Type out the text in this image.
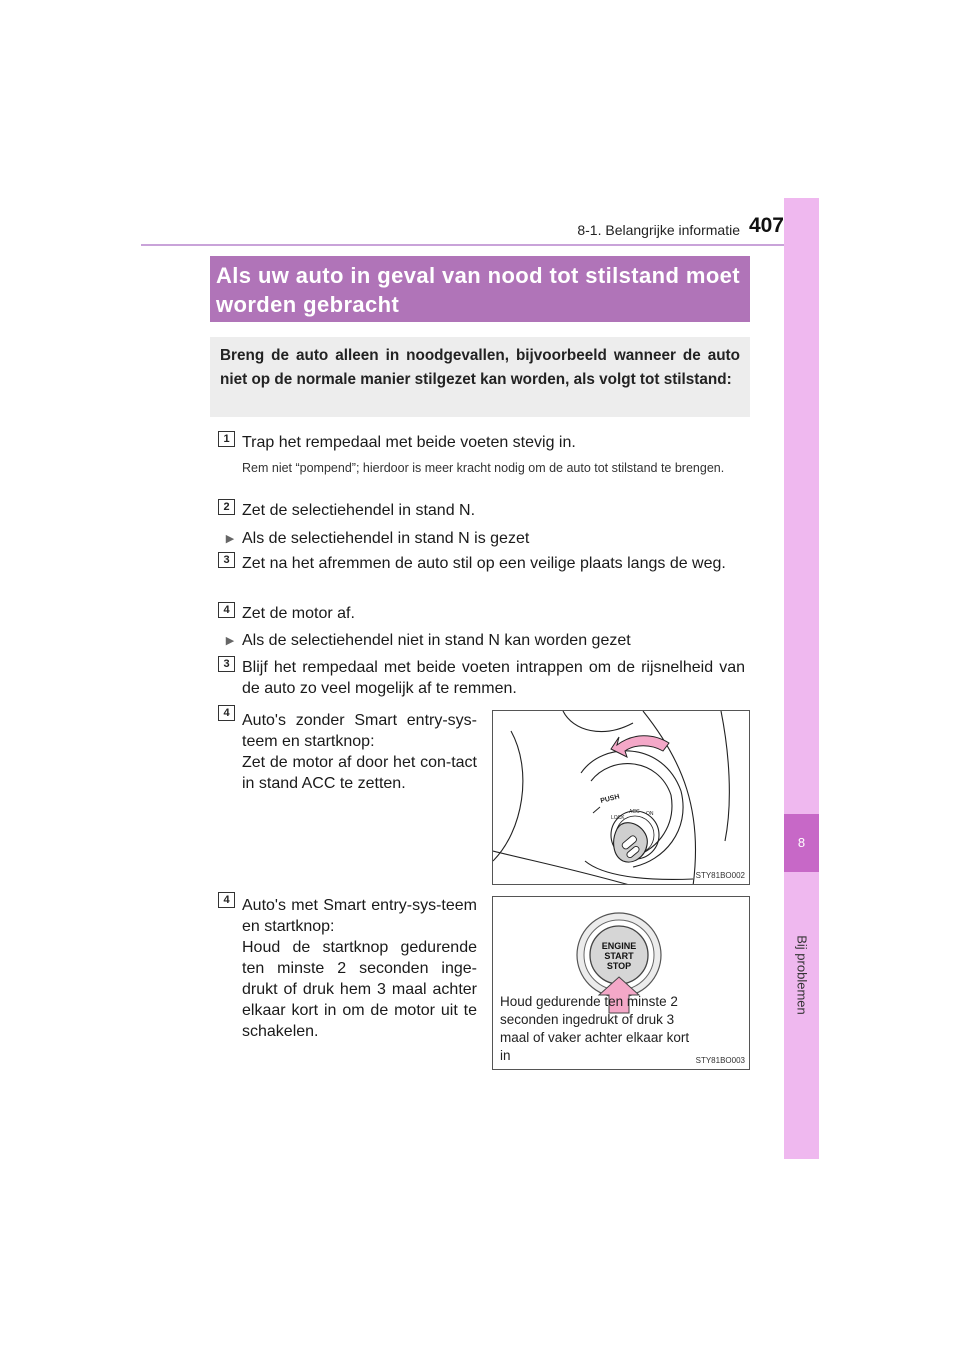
8-1. Belangrijke informatie 407
8
Bij problemen
Als uw auto in geval van nood tot stilstand moet worden gebracht

Breng de auto alleen in noodgevallen, bijvoorbeeld wanneer de auto niet op de normale manier stilgezet kan worden, als volgt tot stilstand:

1 Trap het rempedaal met beide voeten stevig in.
Rem niet “pompend”; hierdoor is meer kracht nodig om de auto tot stilstand te brengen.
2 Zet de selectiehendel in stand N.
▶ Als de selectiehendel in stand N is gezet
3 Zet na het afremmen de auto stil op een veilige plaats langs de weg.
4 Zet de motor af.
▶ Als de selectiehendel niet in stand N kan worden gezet
3 Blijf het rempedaal met beide voeten intrappen om de rijsnelheid van de auto zo veel mogelijk af te remmen.
4 Auto's zonder Smart entry-sys-teem en startknop:

Zet de motor af door het con-tact in stand ACC te zetten.

PUSH
LOCK
ACC ON
STY81BO002
4 Auto's met Smart entry-sys-teem en startknop:

Houd de startknop gedurende ten minste 2 seconden inge-drukt of druk hem 3 maal achter elkaar kort in om de motor uit te schakelen.

ENGINE
START
STOP
Houd gedurende ten minste 2 seconden ingedrukt of druk 3 maal of vaker achter elkaar kort in	STY81BO003
